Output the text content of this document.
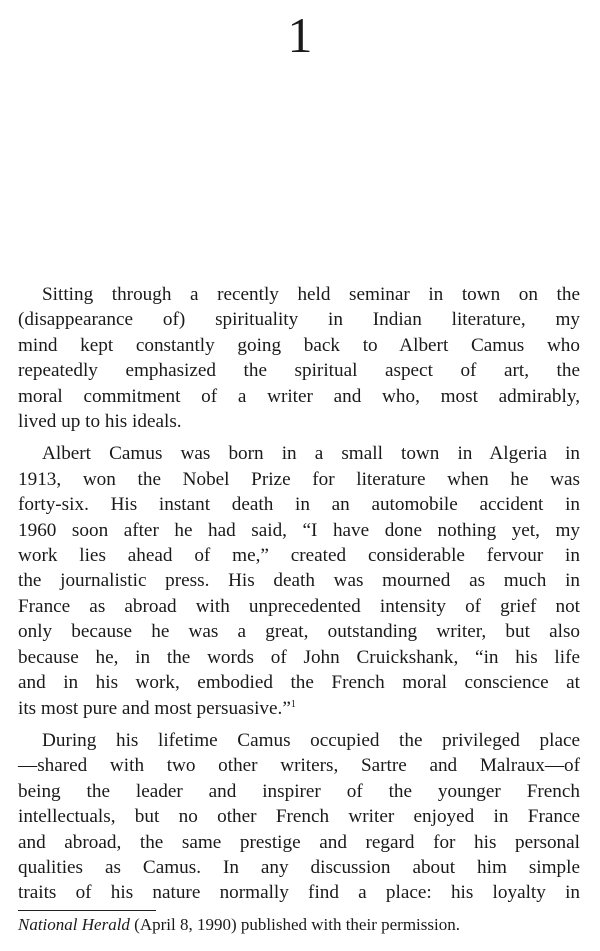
1
Sitting through a recently held seminar in town on the
(disappearance of) spirituality in Indian literature, my
mind kept constantly going back to Albert Camus who
repeatedly emphasized the spiritual aspect of art, the
moral commitment of a writer and who, most admirably,
lived up to his ideals.
Albert Camus was born in a small town in Algeria in
1913, won the Nobel Prize for literature when he was
forty-six. His instant death in an automobile accident in
1960 soon after he had said, “I have done nothing yet, my
work lies ahead of me,” created considerable fervour in
the journalistic press. His death was mourned as much in
France as abroad with unprecedented intensity of grief not
only because he was a great, outstanding writer, but also
because he, in the words of John Cruickshank, “in his life
and in his work, embodied the French moral conscience at
its most pure and most persuasive.”$^1$
During his lifetime Camus occupied the privileged place
—shared with two other writers, Sartre and Malraux—of
being the leader and inspirer of the younger French
intellectuals, but no other French writer enjoyed in France
and abroad, the same prestige and regard for his personal
qualities as Camus. In any discussion about him simple
traits of his nature normally find a place: his loyalty in
National Herald (April 8, 1990) published with their permission.
